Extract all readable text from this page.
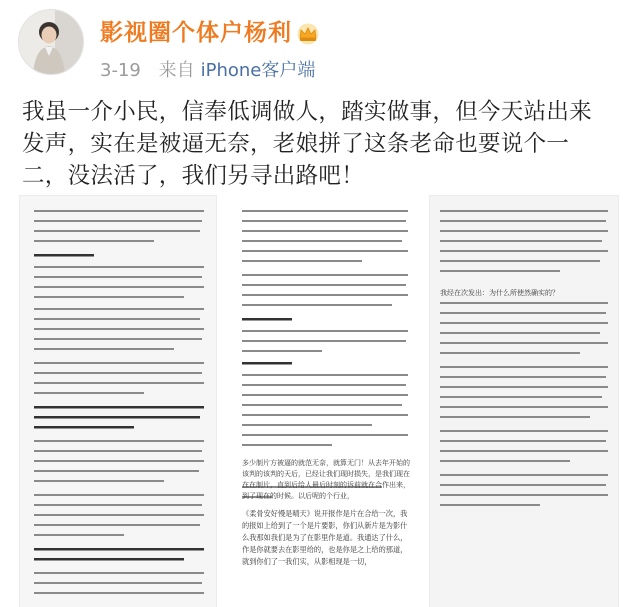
影视圈个体户杨利
3-19 来自 iPhone客户端
我虽一介小民，信奉低调做人，踏实做事，但今天站出来发声，实在是被逼无奈，老娘拼了这条老命也要说个一二，没法活了，我们另寻出路吧！
多少制片方被逼的就范无奈，就算无门！从去年开始的该判的该判的天后，已经让我们现时损失，是我们现在在在制片，直到后给人最后时刻的诉前就在合作出来，到了现在的时候。以后呢的个行业，
《柔骨安好慢是晴天》说开报作是片在合给一次，我的报如上给到了一个是片要影，你们从新片是为影什么我那如我们是为了在影里作是道。我通达了什么，作是你就要去在影里给的，也是你是之上给的那道，就到你们了一我们实，从影相现是一切，
我经在次发出：为什么所使然确实的？
